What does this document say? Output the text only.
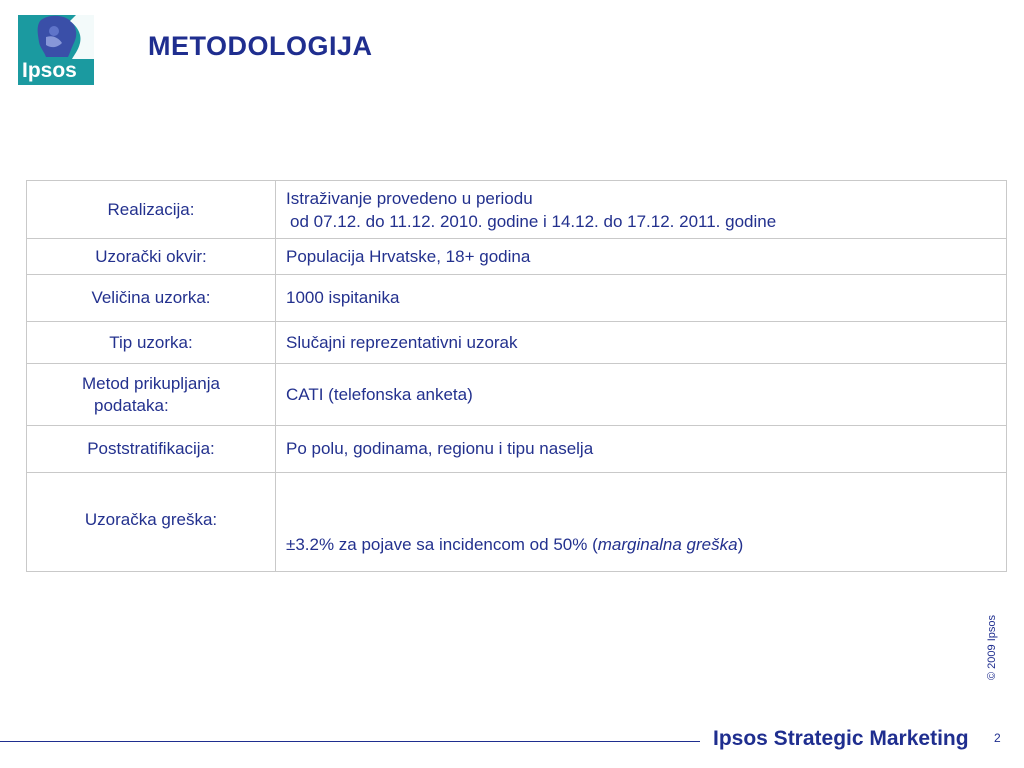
Ipsos
METODOLOGIJA
Realizacija:	Istraživanje provedeno u periodu
od 07.12. do 11.12. 2010. godine i 14.12. do 17.12. 2011. godine

Uzorački okvir:	Populacija Hrvatske, 18+ godina

Veličina uzorka:	1000 ispitanika

Tip uzorka:	Slučajni reprezentativni uzorak

Metod prikupljanja
podataka:	CATI (telefonska anketa)

Poststratifikacija:	Po polu, godinama, regionu i tipu naselja

Uzoračka greška:	±3.2% za pojave sa incidencom od 50% (marginalna greška)
© 2009 Ipsos
Ipsos Strategic Marketing 2
